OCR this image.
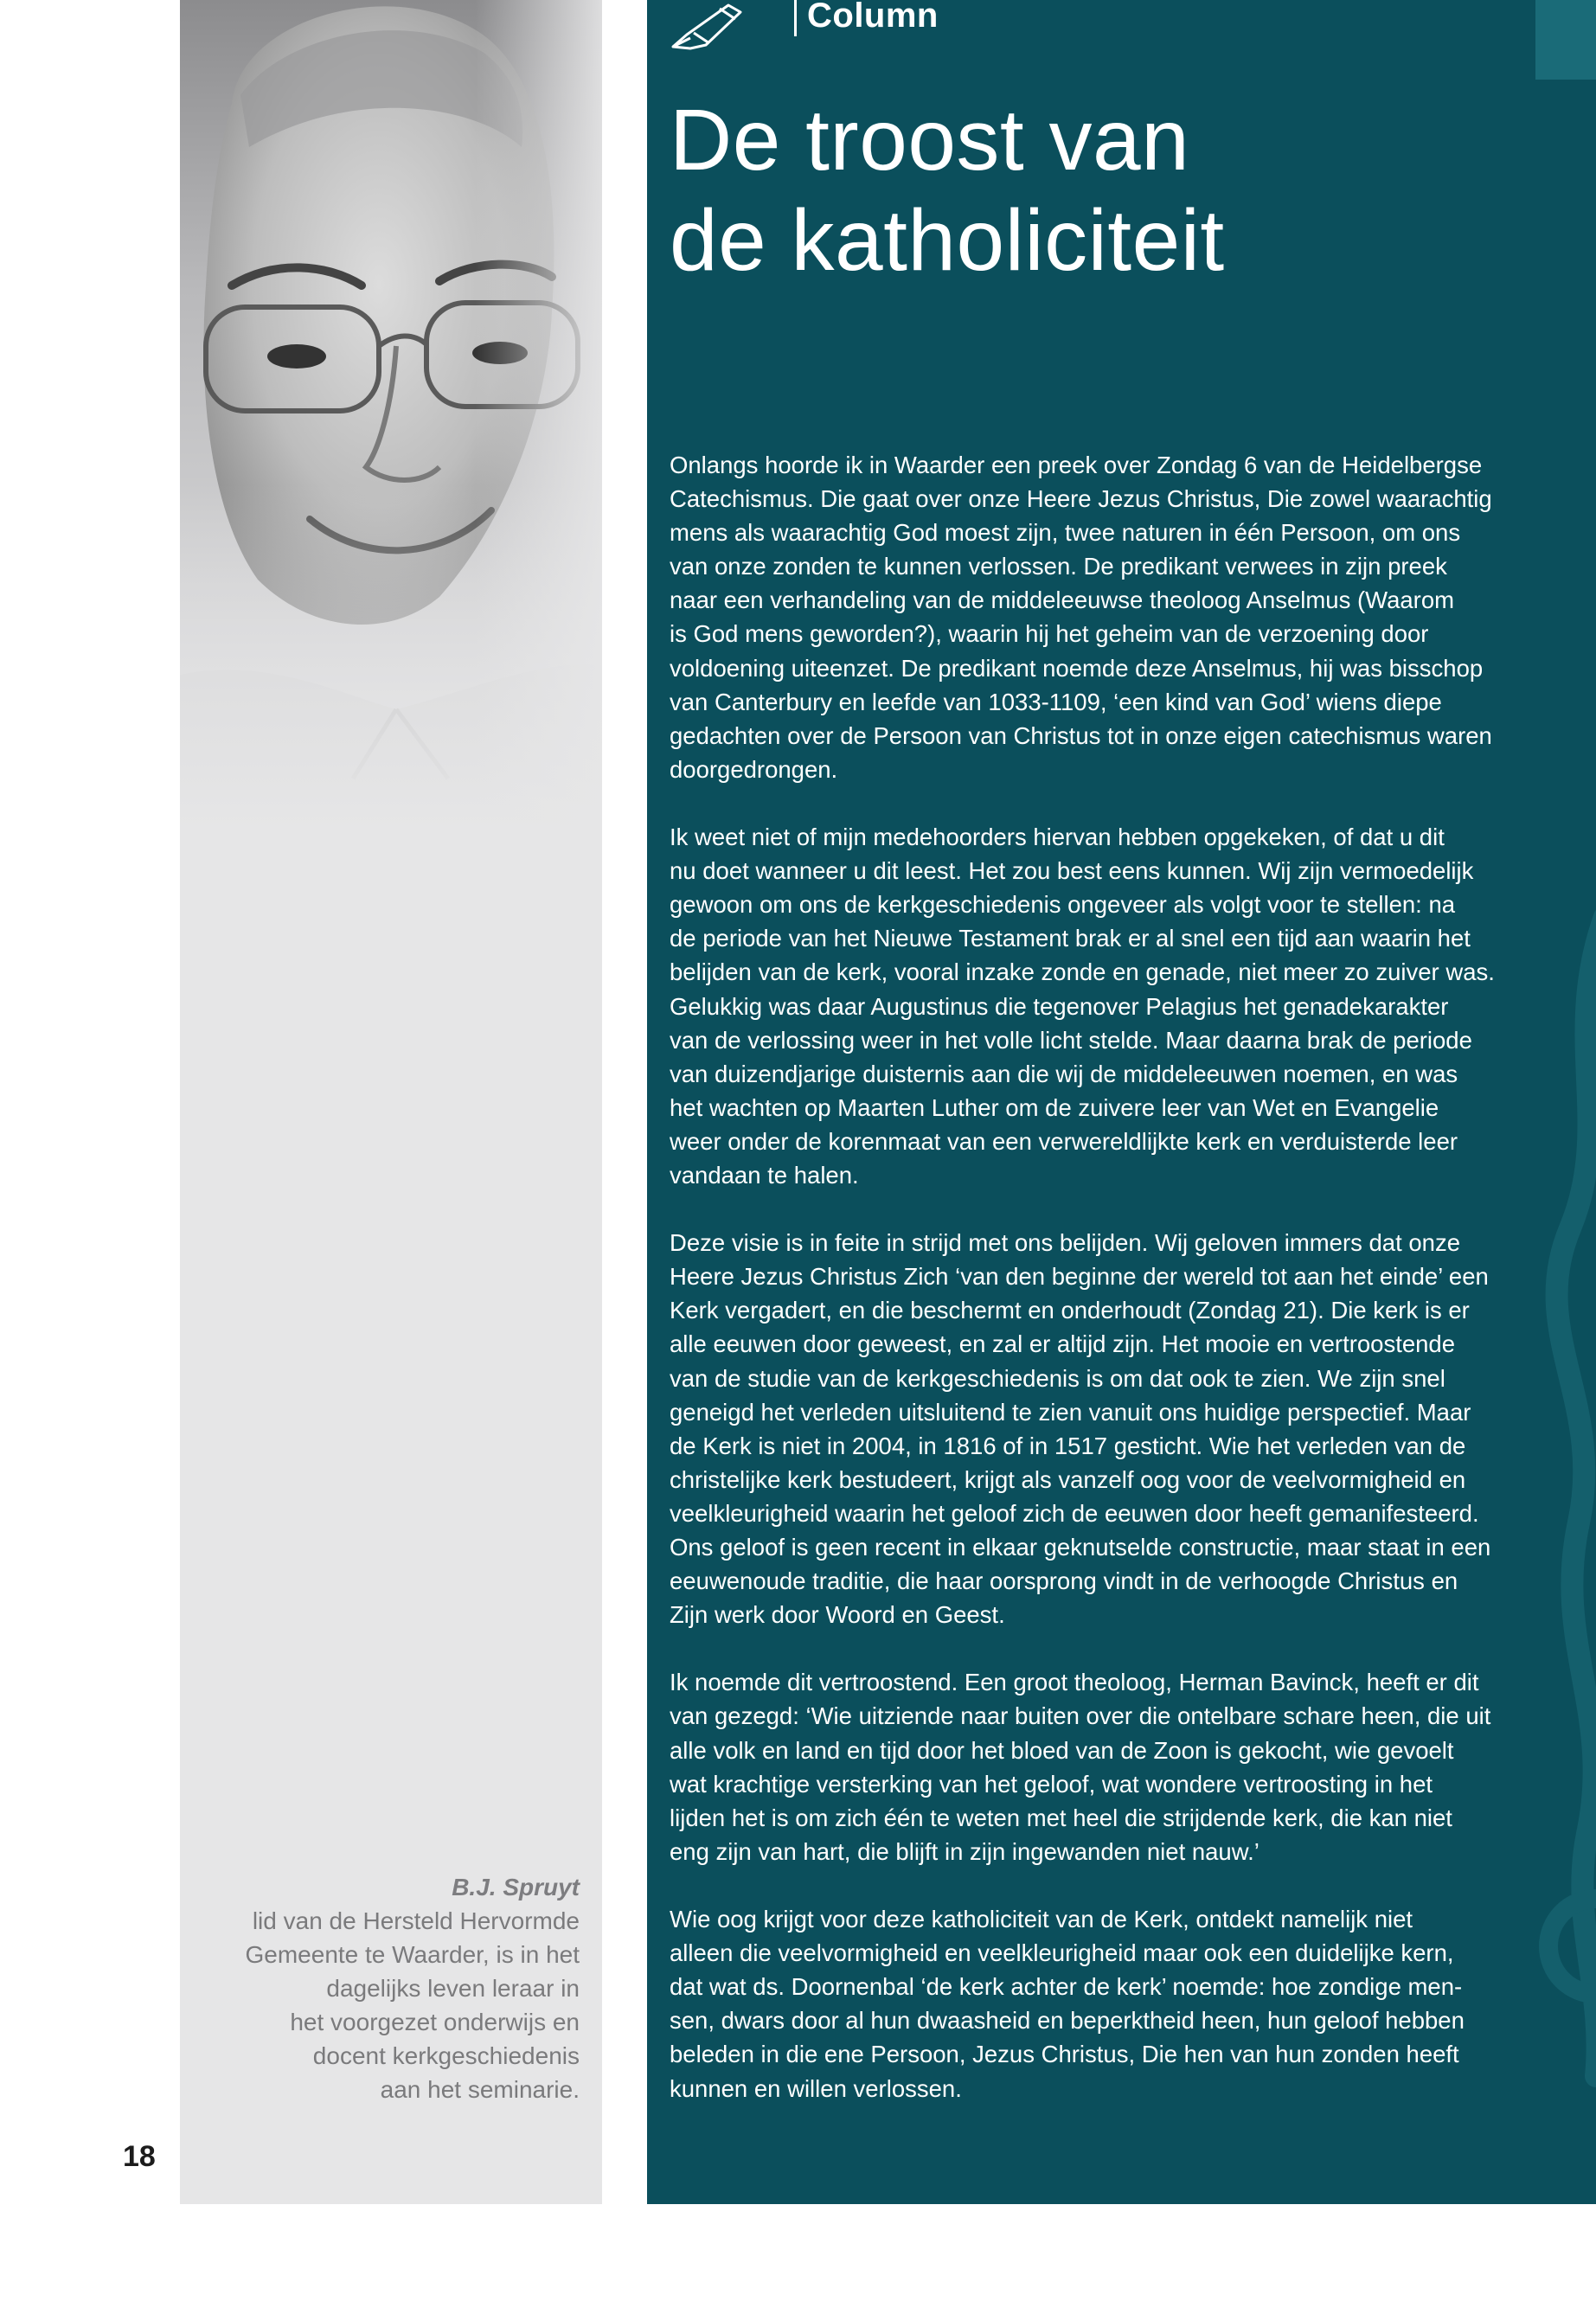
B.J. Spruyt
lid van de Hersteld Hervormde
Gemeente te Waarder, is in het
dagelijks leven leraar in
het voorgezet onderwijs en
docent kerkgeschiedenis
aan het seminarie.
18
Column
De troost van
de katholiciteit

Onlangs hoorde ik in Waarder een preek over Zondag 6 van de Heidelbergse
Catechismus. Die gaat over onze Heere Jezus Christus, Die zowel waarachtig
mens als waarachtig God moest zijn, twee naturen in één Persoon, om ons
van onze zonden te kunnen verlossen. De predikant verwees in zijn preek
naar een verhandeling van de middeleeuwse theoloog Anselmus (Waarom
is God mens geworden?), waarin hij het geheim van de verzoening door
voldoening uiteenzet. De predikant noemde deze Anselmus, hij was bisschop
van Canterbury en leefde van 1033-1109, ‘een kind van God’ wiens diepe
gedachten over de Persoon van Christus tot in onze eigen catechismus waren
doorgedrongen.

Ik weet niet of mijn medehoorders hiervan hebben opgekeken, of dat u dit
nu doet wanneer u dit leest. Het zou best eens kunnen. Wij zijn vermoedelijk
gewoon om ons de kerkgeschiedenis ongeveer als volgt voor te stellen: na
de periode van het Nieuwe Testament brak er al snel een tijd aan waarin het
belijden van de kerk, vooral inzake zonde en genade, niet meer zo zuiver was.
Gelukkig was daar Augustinus die tegenover Pelagius het genadekarakter
van de verlossing weer in het volle licht stelde. Maar daarna brak de periode
van duizendjarige duisternis aan die wij de middeleeuwen noemen, en was
het wachten op Maarten Luther om de zuivere leer van Wet en Evangelie
weer onder de korenmaat van een verwereldlijkte kerk en verduisterde leer
vandaan te halen.

Deze visie is in feite in strijd met ons belijden. Wij geloven immers dat onze
Heere Jezus Christus Zich ‘van den beginne der wereld tot aan het einde’ een
Kerk vergadert, en die beschermt en onderhoudt (Zondag 21). Die kerk is er
alle eeuwen door geweest, en zal er altijd zijn. Het mooie en vertroostende
van de studie van de kerkgeschiedenis is om dat ook te zien. We zijn snel
geneigd het verleden uitsluitend te zien vanuit ons huidige perspectief. Maar
de Kerk is niet in 2004, in 1816 of in 1517 gesticht. Wie het verleden van de
christelijke kerk bestudeert, krijgt als vanzelf oog voor de veelvormigheid en
veelkleurigheid waarin het geloof zich de eeuwen door heeft gemanifesteerd.
Ons geloof is geen recent in elkaar geknutselde constructie, maar staat in een
eeuwenoude traditie, die haar oorsprong vindt in de verhoogde Christus en
Zijn werk door Woord en Geest.

Ik noemde dit vertroostend. Een groot theoloog, Herman Bavinck, heeft er dit
van gezegd: ‘Wie uitziende naar buiten over die ontelbare schare heen, die uit
alle volk en land en tijd door het bloed van de Zoon is gekocht, wie gevoelt
wat krachtige versterking van het geloof, wat wondere vertroosting in het
lijden het is om zich één te weten met heel die strijdende kerk, die kan niet
eng zijn van hart, die blijft in zijn ingewanden niet nauw.’

Wie oog krijgt voor deze katholiciteit van de Kerk, ontdekt namelijk niet
alleen die veelvormigheid en veelkleurigheid maar ook een duidelijke kern,
dat wat ds. Doornenbal ‘de kerk achter de kerk’ noemde: hoe zondige men-
sen, dwars door al hun dwaasheid en beperktheid heen, hun geloof hebben
beleden in die ene Persoon, Jezus Christus, Die hen van hun zonden heeft
kunnen en willen verlossen.
